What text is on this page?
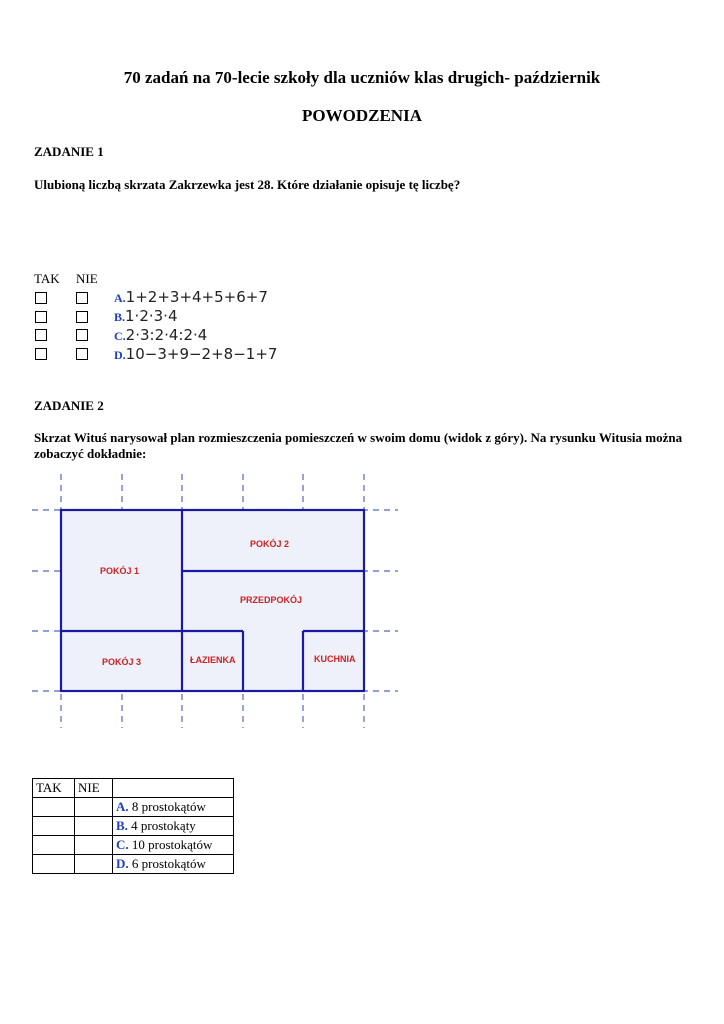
70 zadań na 70-lecie szkoły dla uczniów klas drugich- październik
POWODZENIA
ZADANIE 1
Ulubioną liczbą skrzata Zakrzewka jest 28. Które działanie opisuje tę liczbę?
TAK NIE
A.1+2+3+4+5+6+7
B.1·2·3·4
C.2·3:2·4:2·4
D.10−3+9−2+8−1+7
ZADANIE 2
Skrzat Wituś narysował plan rozmieszczenia pomieszczeń w swoim domu (widok z góry). Na rysunku Witusia można zobaczyć dokładnie:
POKÓJ 1
POKÓJ 2
PRZEDPOKÓJ
POKÓJ 3	ŁAZIENKA	KUCHNIA
TAK	NIE	
		A. 8 prostokątów
		B. 4 prostokąty
		C. 10 prostokątów
		D. 6 prostokątów
